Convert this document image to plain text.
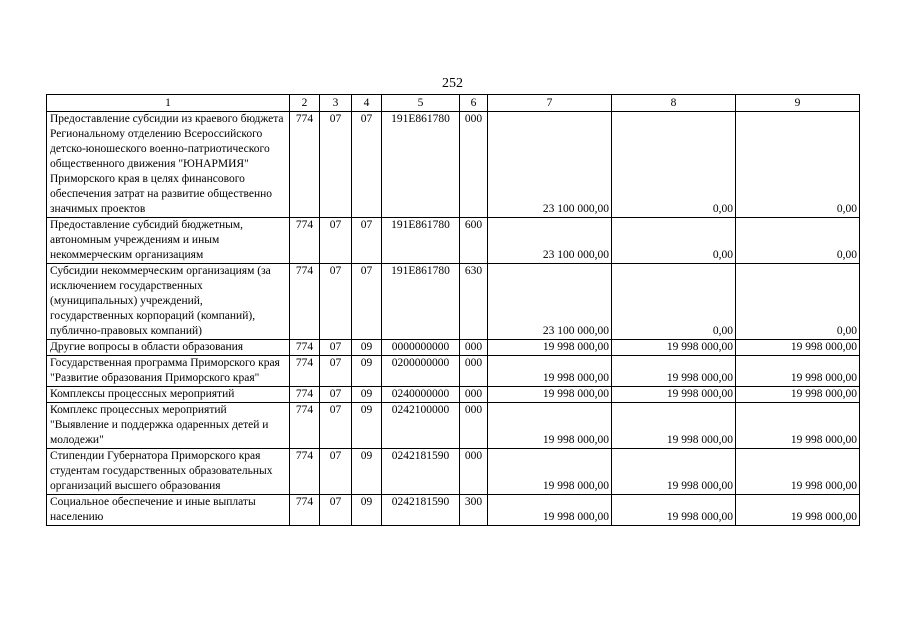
252
1	2	3	4	5	6	7	8	9
Предоставление субсидии из краевого бюджета Региональному отделению Всероссийского детско-юношеского военно-патриотического общественного движения "ЮНАРМИЯ" Приморского края в целях финансового обеспечения затрат на развитие общественно значимых проектов	774	07	07	191E861780	000	23 100 000,00	0,00	0,00
Предоставление субсидий бюджетным, автономным учреждениям и иным некоммерческим организациям	774	07	07	191E861780	600	23 100 000,00	0,00	0,00
Субсидии некоммерческим организациям (за исключением государственных (муниципальных) учреждений, государственных корпораций (компаний), публично-правовых компаний)	774	07	07	191E861780	630	23 100 000,00	0,00	0,00
Другие вопросы в области образования	774	07	09	0000000000	000	19 998 000,00	19 998 000,00	19 998 000,00
Государственная программа Приморского края "Развитие образования Приморского края"	774	07	09	0200000000	000	19 998 000,00	19 998 000,00	19 998 000,00
Комплексы процессных мероприятий	774	07	09	0240000000	000	19 998 000,00	19 998 000,00	19 998 000,00
Комплекс процессных мероприятий "Выявление и поддержка одаренных детей и молодежи"	774	07	09	0242100000	000	19 998 000,00	19 998 000,00	19 998 000,00
Стипендии Губернатора Приморского края студентам государственных образовательных организаций высшего образования	774	07	09	0242181590	000	19 998 000,00	19 998 000,00	19 998 000,00
Социальное обеспечение и иные выплаты населению	774	07	09	0242181590	300	19 998 000,00	19 998 000,00	19 998 000,00
